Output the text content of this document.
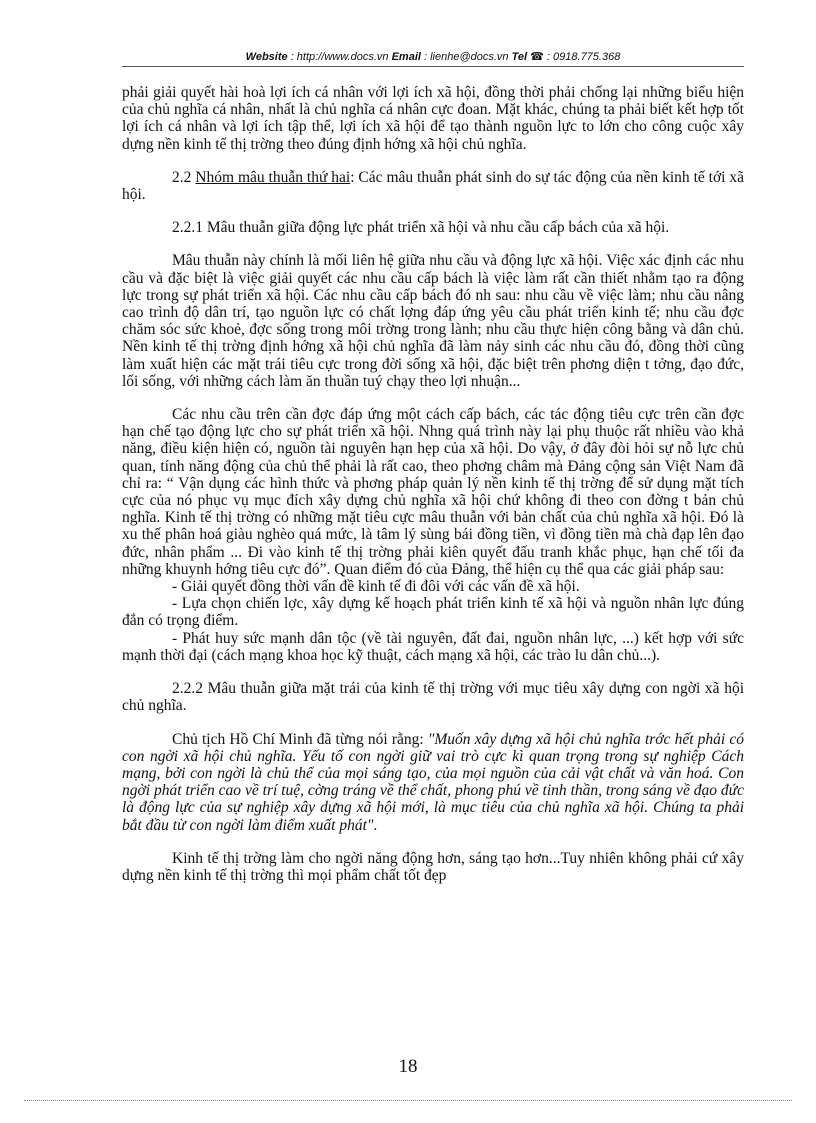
Website : http://www.docs.vn Email : lienhe@docs.vn Tel ☎ : 0918.775.368

phải giải quyết hài hoà lợi ích cá nhân với lợi ích xã hội, đồng thời phải chống lại những biểu hiện của chủ nghĩa cá nhân, nhất là chủ nghĩa cá nhân cực đoan. Mặt khác, chúng ta phải biết kết hợp tốt lợi ích cá nhân và lợi ích tập thể, lợi ích xã hội để tạo thành nguồn lực to lớn cho công cuộc xây dựng nền kinh tế thị trờng theo đúng định hớng xã hội chủ nghĩa.

2.2 Nhóm mâu thuẫn thứ hai: Các mâu thuẫn phát sinh do sự tác động của nền kinh tế tới xã hội.

2.2.1 Mâu thuẫn giữa động lực phát triển xã hội và nhu cầu cấp bách của xã hội.

Mâu thuẫn này chính là mối liên hệ giữa nhu cầu và động lực xã hội. Việc xác định các nhu cầu và đặc biệt là việc giải quyết các nhu cầu cấp bách là việc làm rất cần thiết nhằm tạo ra động lực trong sự phát triển xã hội. Các nhu cầu cấp bách đó nh sau: nhu cầu về việc làm; nhu cầu nâng cao trình độ dân trí, tạo nguồn lực có chất lợng đáp ứng yêu cầu phát triển kinh tế; nhu cầu đợc chăm sóc sức khoẻ, đợc sống trong môi trờng trong lành; nhu cầu thực hiện công bằng và dân chủ. Nền kinh tế thị trờng định hớng xã hội chủ nghĩa đã làm nảy sinh các nhu cầu đó, đồng thời cũng làm xuất hiện các mặt trái tiêu cực trong đời sống xã hội, đặc biệt trên phơng diện t tởng, đạo đức, lối sống, với những cách làm ăn thuần tuý chạy theo lợi nhuận...

Các nhu cầu trên cần đợc đáp ứng một cách cấp bách, các tác động tiêu cực trên cần đợc hạn chế tạo động lực cho sự phát triển xã hội. Nhng quá trình này lại phụ thuộc rất nhiều vào khả năng, điều kiện hiện có, nguồn tài nguyên hạn hẹp của xã hội. Do vậy, ở đây đòi hỏi sự nỗ lực chủ quan, tính năng động của chủ thể phải là rất cao, theo phơng châm mà Đảng cộng sản Việt Nam đã chỉ ra: “ Vận dụng các hình thức và phơng pháp quản lý nền kinh tế thị trờng để sử dụng mặt tích cực của nó phục vụ mục đích xây dựng chủ nghĩa xã hội chứ không đi theo con đờng t bản chủ nghĩa. Kinh tế thị trờng có những mặt tiêu cực mâu thuẫn với bản chất của chủ nghĩa xã hội. Đó là xu thế phân hoá giàu nghèo quá mức, là tâm lý sùng bái đồng tiền, vì đồng tiền mà chà đạp lên đạo đức, nhân phẩm ... Đi vào kinh tế thị trờng phải kiên quyết đấu tranh khắc phục, hạn chế tối đa những khuynh hớng tiêu cực đó”. Quan điểm đó của Đảng, thể hiện cụ thể qua các giải pháp sau:

- Giải quyết đồng thời vấn đề kinh tế đi đôi với các vấn đề xã hội.

- Lựa chọn chiến lợc, xây dựng kế hoạch phát triển kinh tế xã hội và nguồn nhân lực đúng đắn có trọng điểm.

- Phát huy sức mạnh dân tộc (về tài nguyên, đất đai, nguồn nhân lực, ...) kết hợp với sức mạnh thời đại (cách mạng khoa học kỹ thuật, cách mạng xã hội, các trào lu dân chủ...).

2.2.2 Mâu thuẫn giữa mặt trái của kinh tế thị trờng với mục tiêu xây dựng con ngời xã hội chủ nghĩa.

Chủ tịch Hồ Chí Minh đã từng nói rằng: "Muốn xây dựng xã hội chủ nghĩa trớc hết phải có con ngời xã hội chủ nghĩa. Yếu tố con ngời giữ vai trò cực kì quan trọng trong sự nghiệp Cách mạng, bởi con ngời là chủ thể của mọi sáng tạo, của mọi nguồn của cải vật chất và văn hoá. Con ngời phát triển cao về trí tuệ, cờng tráng về thể chất, phong phú về tinh thần, trong sáng về đạo đức là động lực của sự nghiệp xây dựng xã hội mới, là mục tiêu của chủ nghĩa xã hội. Chúng ta phải bắt đầu từ con ngời làm điểm xuất phát".

Kinh tế thị trờng làm cho ngời năng động hơn, sáng tạo hơn...Tuy nhiên không phải cứ xây dựng nền kinh tế thị trờng thì mọi phẩm chất tốt đẹp

18
